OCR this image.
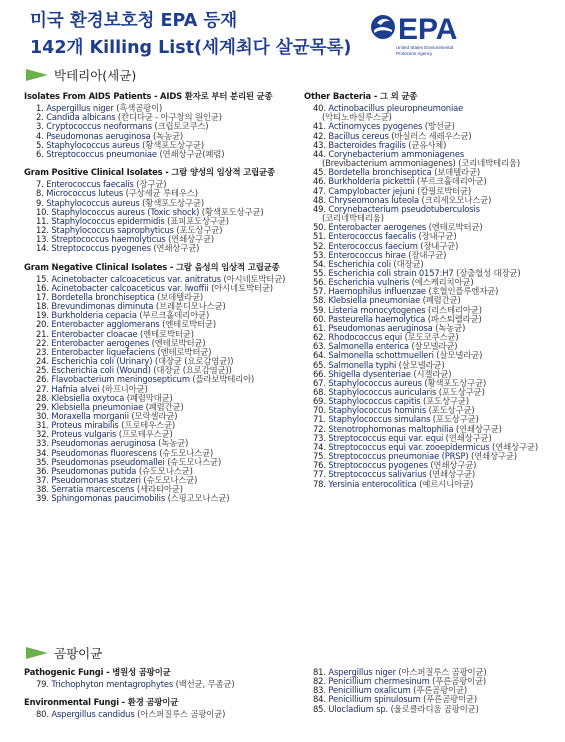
미국 환경보호청 EPA 등재
142개 Killing List(세계최다 살균목록)
EPA
United States Environmental Protection Agency
박테리아(세균)
Isolates From AIDS Patients - AIDS 환자로 부터 분리된 균종
1. Aspergillus niger (흑색곰팡이)
2. Candida albicans (칸디다균 - 아구창의 원인균)
3. Cryptococcus neoformans (크립토코쿠스)
4. Pseudomonas aeruginosa (녹농균)
5. Staphylococcus aureus (황색포도상구균)
6. Streptococcus pneumoniae (연쇄상구균(폐렴)
Gram Positive Clinical Isolates - 그람 양성의 임상적 고립균종
7. Enterococcus faecalis (장구균)
8. Micrococcus luteus (구상세균 루테우스)
9. Staphylococcus aureus (황색포도상구균)
10. Staphylococcus aureus (Toxic shock) (황색포도상구균)
11. Staphylococcus epidermidis (표피포도상구균)
12. Staphylococcus saprophyticus (포도상구균)
13. Streptococcus haemolyticus (연쇄상구균)
14. Streptococcus pyogenes (연쇄상구균)
Gram Negative Clinical Isolates - 그람 음성의 임상적 고립균종
15. Acinetobacter calcoaceticus var. anitratus (아시네토박터균)
16. Acinetobacter calcoaceticus var. lwoffii (아시네토박터균)
17. Bordetella bronchiseptica (보데텔라균)
18. Brevundimonas diminuta (브레분디모나스균)
19. Burkholderia cepacia (부르크홀데리아균)
20. Enterobacter agglomerans (엔테로박터균)
21. Enterobacter cloacae (엔테로박터균)
22. Enterobacter aerogenes (엔테로박터균)
23. Enterobacter liquefaciens (엔테로박터균)
24. Escherichia coli (Urinary) (대장균 (요로감염균))
25. Escherichia coli (Wound) (대장균 (요로감염균))
26. Flavobacterium meningosepticum (플라보박테리아)
27. Hafnia alvei (하프니아균)
28. Klebsiella oxytoca (폐렴막대균)
29. Klebsiella pneumoniae (폐렴간균)
30. Moraxella morganii (모락셀라균)
31. Proteus mirabilis (프로테우스균)
32. Proteus vulgaris (프로테우스균)
33. Pseudomonas aeruginosa (녹농균)
34. Pseudomonas fluorescens (슈도모나스균)
35. Pseudomonas pseudomallei (슈도모나스균)
36. Pseudomonas putida (슈도모나스균)
37. Pseudomonas stutzeri (슈도모나스균)
38. Serratia marcescens (세라티아균)
39. Sphingomonas paucimobilis (스핑고모나스균)
Other Bacteria - 그 외 균종
40. Actinobacillus pleuropneumoniae
(악티노바실루스균)
41. Actinomyces pyogenes (방선균)
42. Bacillus cereus (바실러스 세레우스균)
43. Bacteroides fragilis (균유사체)
44. Corynebacterium ammoniagenes
(Brevibacterium ammoniagenes) (코리네박테리움)
45. Bordetella bronchiseptica (보데텔라균)
46. Burkholderia pickettii (부르크홀데리아균)
47. Campylobacter jejuni (캄필로박터균)
48. Chryseomonas luteola (크리세오모나스균)
49. Corynebacterium pseudotuberculosis
(코리네박테리움)
50. Enterobacter aerogenes (엔테로박터균)
51. Enterococcus faecalis (장내구균)
52. Enterococcus faecium (장내구균)
53. Enterococcus hirae (장내구균)
54. Escherichia coli (대장균)
55. Escherichia coli strain 0157:H7 (장출혈성 대장균)
56. Escherichia vulneris (에스케리치아균)
57. Haemophilus influenzae (호혈인플루엔자균)
58. Klebsiella pneumoniae (폐렴간균)
59. Listeria monocytogenes (리스테리아균)
60. Pasteurella haemolytica (파스퇴렐라균)
61. Pseudomonas aeruginosa (녹농균)
62. Rhodococcus equi (로도코쿠스균)
63. Salmonella enterica (살모넬라균)
64. Salmonella schottmuelleri (살모넬라균)
65. Salmonella typhi (살모넬라균)
66. Shigella dysenteriae (시겔라균)
67. Staphylococcus aureus (황색포도상구균)
68. Staphylococcus auricularis (포도상구균)
69. Staphylococcus capitis (포도상구균)
70. Staphylococcus hominis (포도상구균)
71. Staphylococcus simulans (포도상구균)
72. Stenotrophomonas maltophilia (연쇄상구균)
73. Streptococcus equi var. equi (연쇄상구균)
74. Streptococcus equi var. zooepidermicus (연쇄상구균)
75. Streptococcus pneumoniae (PRSP) (연쇄상구균)
76. Streptococcus pyogenes (연쇄상구균)
77. Streptococcus salivarius (연쇄상구균)
78. Yersinia enterocolitica (예르시니아균)
곰팡이균
Pathogenic Fungi - 병원성 곰팡이균
79. Trichophyton mentagrophytes (백선균, 무좀균)
Environmental Fungi - 환경 곰팡이균
80. Aspergillus candidus (아스퍼질루스 곰팡이균)
81. Aspergillus niger (아스퍼질루스 곰팡이균)
82. Penicillium chermesinum (푸른곰팡이균)
83. Penicillium oxalicum (푸른곰팡이균)
84. Penicillium spinulosum (푸른곰팡이균)
85. Ulocladium sp. (울로클라디움 곰팡이균)
